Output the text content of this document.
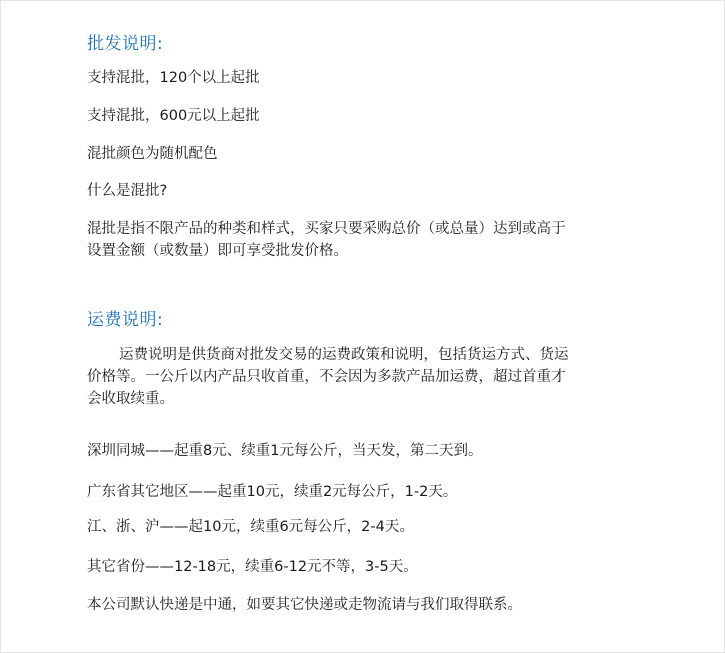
批发说明:
支持混批，120个以上起批
支持混批，600元以上起批
混批颜色为随机配色
什么是混批?
混批是指不限产品的种类和样式，买家只要采购总价（或总量）达到或高于
设置金额（或数量）即可享受批发价格。
运费说明:
运费说明是供货商对批发交易的运费政策和说明，包括货运方式、货运
价格等。一公斤以内产品只收首重，不会因为多款产品加运费，超过首重才
会收取续重。
深圳同城——起重8元、续重1元每公斤，当天发，第二天到。
广东省其它地区——起重10元，续重2元每公斤，1-2天。
江、浙、沪——起10元，续重6元每公斤，2-4天。
其它省份——12-18元，续重6-12元不等，3-5天。
本公司默认快递是中通，如要其它快递或走物流请与我们取得联系。
